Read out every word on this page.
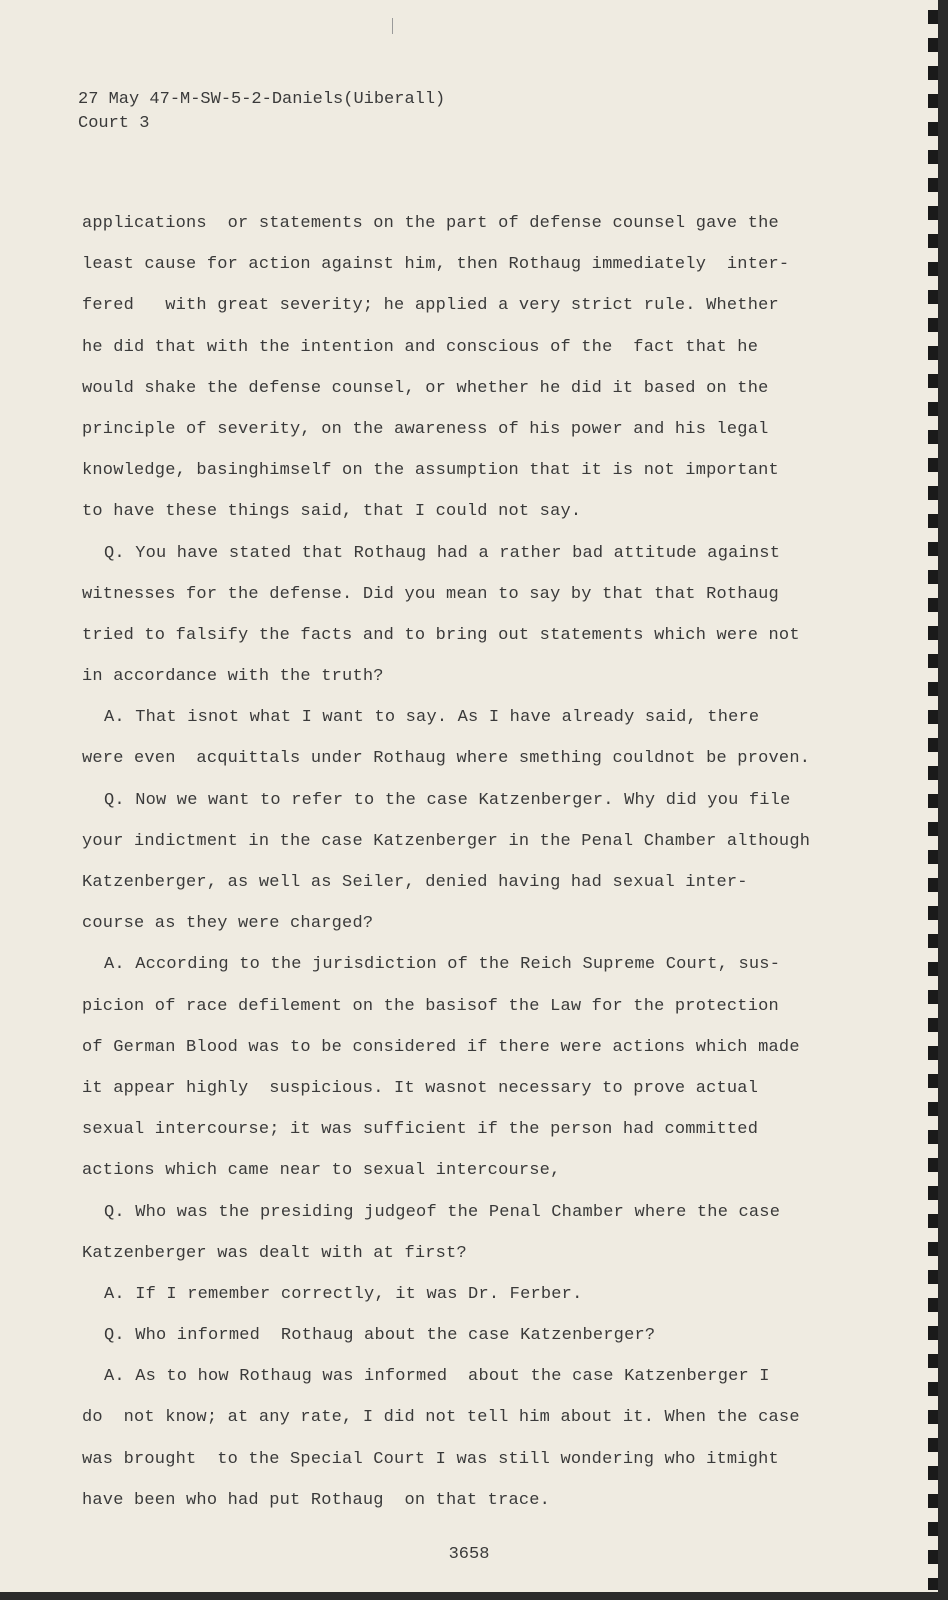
27 May 47-M-SW-5-2-Daniels(Uiberall)
Court 3
applications  or statements on the part of defense counsel gave the
least cause for action against him, then Rothaug immediately  inter-
fered   with great severity; he applied a very strict rule. Whether
he did that with the intention and conscious of the  fact that he
would shake the defense counsel, or whether he did it based on the
principle of severity, on the awareness of his power and his legal
knowledge, basinghimself on the assumption that it is not important
to have these things said, that I could not say.
Q. You have stated that Rothaug had a rather bad attitude against
witnesses for the defense. Did you mean to say by that that Rothaug
tried to falsify the facts and to bring out statements which were not
in accordance with the truth?
A. That isnot what I want to say. As I have already said, there
were even  acquittals under Rothaug where smething couldnot be proven.
Q. Now we want to refer to the case Katzenberger. Why did you file
your indictment in the case Katzenberger in the Penal Chamber although
Katzenberger, as well as Seiler, denied having had sexual inter-
course as they were charged?
A. According to the jurisdiction of the Reich Supreme Court, sus-
picion of race defilement on the basisof the Law for the protection
of German Blood was to be considered if there were actions which made
it appear highly  suspicious. It wasnot necessary to prove actual
sexual intercourse; it was sufficient if the person had committed
actions which came near to sexual intercourse,
Q. Who was the presiding judgeof the Penal Chamber where the case
Katzenberger was dealt with at first?
A. If I remember correctly, it was Dr. Ferber.
Q. Who informed  Rothaug about the case Katzenberger?
A. As to how Rothaug was informed  about the case Katzenberger I
do  not know; at any rate, I did not tell him about it. When the case
was brought  to the Special Court I was still wondering who itmight
have been who had put Rothaug  on that trace.
3658
